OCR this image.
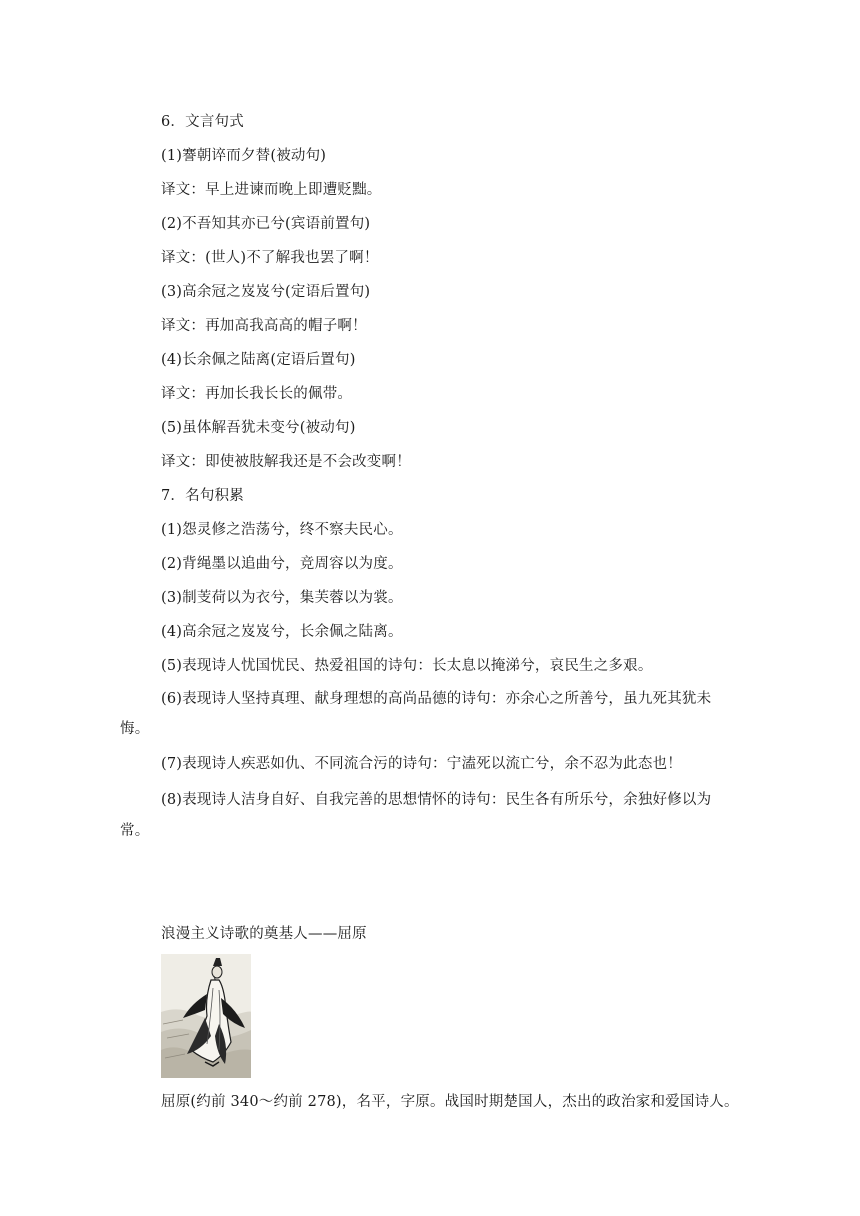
6．文言句式
(1)謇朝谇而夕替(被动句)
译文：早上进谏而晚上即遭贬黜。
(2)不吾知其亦已兮(宾语前置句)
译文：(世人)不了解我也罢了啊！
(3)高余冠之岌岌兮(定语后置句)
译文：再加高我高高的帽子啊！
(4)长余佩之陆离(定语后置句)
译文：再加长我长长的佩带。
(5)虽体解吾犹未变兮(被动句)
译文：即使被肢解我还是不会改变啊！
7．名句积累
(1)怨灵修之浩荡兮，终不察夫民心。
(2)背绳墨以追曲兮，竞周容以为度。
(3)制芰荷以为衣兮，集芙蓉以为裳。
(4)高余冠之岌岌兮，长余佩之陆离。
(5)表现诗人忧国忧民、热爱祖国的诗句：长太息以掩涕兮，哀民生之多艰。
(6)表现诗人坚持真理、献身理想的高尚品德的诗句：亦余心之所善兮，虽九死其犹未
悔。
(7)表现诗人疾恶如仇、不同流合污的诗句：宁溘死以流亡兮，余不忍为此态也！
(8)表现诗人洁身自好、自我完善的思想情怀的诗句：民生各有所乐兮，余独好修以为
常。
浪漫主义诗歌的奠基人——屈原
屈原(约前 340～约前 278)，名平，字原。战国时期楚国人，杰出的政治家和爱国诗人。
